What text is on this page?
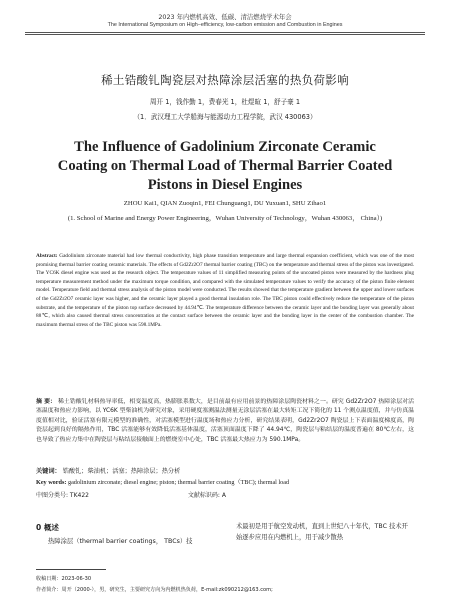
2023 年内燃机高效、低碳、清洁燃烧学术年会
The International Symposium on High−efficiency, low-carbon emission and Combustion in Engines
稀土锆酸钆陶瓷层对热障涂层活塞的热负荷影响
周开 1，钱作勤 1，费春光 1，杜煜暄 1，舒子豪 1
（1．武汉理工大学船海与能源动力工程学院，武汉 430063）
The Influence of Gadolinium Zirconate Ceramic
Coating on Thermal Load of Thermal Barrier Coated
Pistons in Diesel Engines
ZHOU Kai1, QIAN Zuoqin1, FEI Chunguang1, DU Yuxuan1, SHU Zihao1
(1. School of Marine and Energy Power Engineering，Wuhan University of Technology，Wuhan 430063， China）)
Abstract: Gadolinium zirconate material had low thermal conductivity, high phase transition temperature and large thermal expansion coefficient, which was one of the most promising thermal barrier coating ceramic materials. The effects of Gd2Zr2O7 thermal barrier coating (TBC) on the temperature and thermal stress of the piston was investigated. The YC6K diesel engine was used as the research object. The temperature values of 11 simplified measuring points of the uncoated piston were measured by the hardness plug temperature measurement method under the maximum torque condition, and compared with the simulated temperature values to verify the accuracy of the piston finite element model. Temperature field and thermal stress analysis of the piston model were conducted. The results showed that the temperature gradient between the upper and lower surfaces of the Gd2Zr2O7 ceramic layer was higher, and the ceramic layer played a good thermal insulation role. The TBC piston could effectively reduce the temperature of the piston substrate, and the temperature of the piston top surface decreased by 44.94℃. The temperature difference between the ceramic layer and the bonding layer was generally about 88℃, which also caused thermal stress concentration at the contact surface between the ceramic layer and the bonding layer in the center of the combustion chamber. The maximum thermal stress of the TBC piston was 598.1MPa.
摘 要： 稀土锆酸钆材料热导率低，相变温度高，热膨胀系数大，是目前最有应用前景的热障涂层陶瓷材料之一。研究 Gd2Zr2O7 热障涂层对活塞温度和热应力影响，以 YC6K 型柴油机为研究对象，采用硬度塞测温法测量无涂层活塞在最大转矩工况下简化的 11 个测点温度值，并与仿真温度值相对比，验证活塞有限元模型的准确性，对活塞模型进行温度场和热应力分析，研究结果表明，Gd2Zr2O7 陶瓷层上下表面温度梯度高，陶瓷层起到良好的隔热作用，TBC 活塞能够有效降低活塞基体温度，活塞顶面温度下降了 44.94℃，陶瓷层与粘结层的温度普遍在 80℃左右，这也导致了热应力集中在陶瓷层与粘结层接触面上的燃烧室中心处，TBC 活塞最大热应力为 590.1MPa。
关键词： 锆酸钆；柴油机；活塞；热障涂层；热分析
Key words: gadolinium zirconate; diesel engine; piston; thermal barrier coating（TBC); thermal load
中图分类号: TK422	文献标识码: A
0 概述
热障涂层（thermal barrier coatings， TBCs）技
术最初是用于航空发动机，直到上世纪八十年代，TBC 技术开始逐步应用在内燃机上，用于减少散热
收稿日期：2023-06-30
作者简介：周开（2000-），男，研究生，主要研究方向为内燃机热负荷，E-mail:zk090212@163.com;
